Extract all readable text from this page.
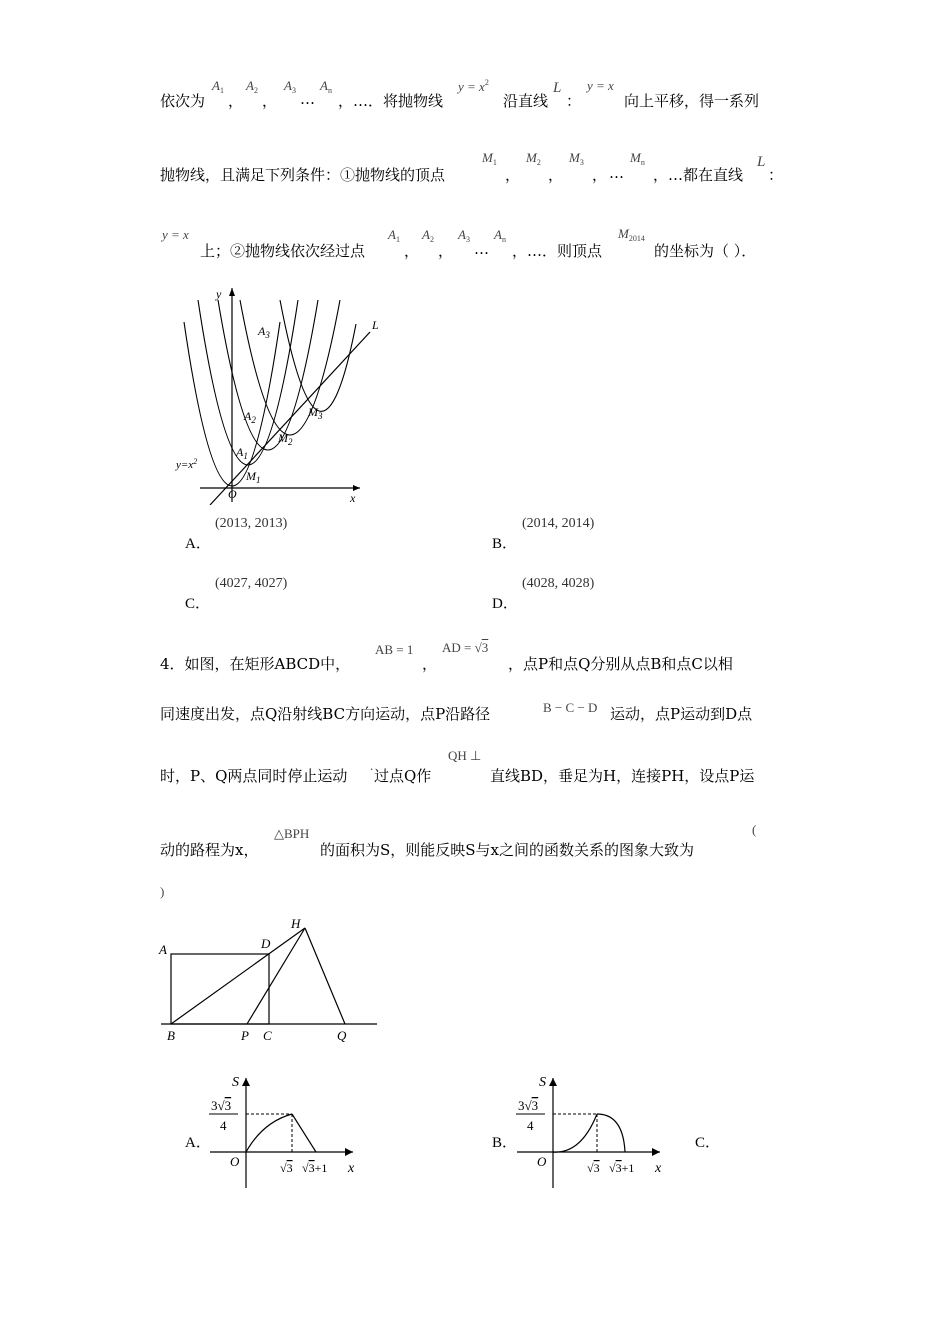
依次为
$A_1$
，
$A_2$
，
$A_3$ …
$A_n$
，…．将抛物线
$y = x^2$
沿直线
L
：
y = x
向上平移，得一系列
抛物线，且满足下列条件：①抛物线的顶点
$M_1$
，
$M_2$
，
$M_3$
， …
$M_n$
，…都在直线
L
：
y = x
上；②抛物线依次经过点
$A_1$
，
$A_2$
，
$A_3$
…
$A_n$
，…．则顶点
$M_{2014}$
的坐标为（ ）．
y
x
O
L
$A_3$
$A_2$
$A_1$
$M_1$
$M_2$
$M_3$
$y=x^2$
A．
(2013, 2013)
B．
(2014, 2014)
C．
(4027, 4027)
D．
(4028, 4028)
4．如图，在矩形ABCD中，
AB = 1
，
AD = √3
，点P和点Q分别从点B和点C以相
同速度出发，点Q沿射线BC方向运动，点P沿路径	B − C − D 运动，点P运动到D点
时，P、Q两点同时停止运动
.
过点Q作
QH ⊥
直线BD，垂足为H，连接PH，设点P运
动的路程为x，
△BPH
的面积为S，则能反映S与x之间的函数关系的图象大致为
(
)
A	D
H
B	P C	Q
A．
S
3√3
4
O	√3 √3+1 x
B．
S
3√3
4
O	√3 √3+1 x
C．
